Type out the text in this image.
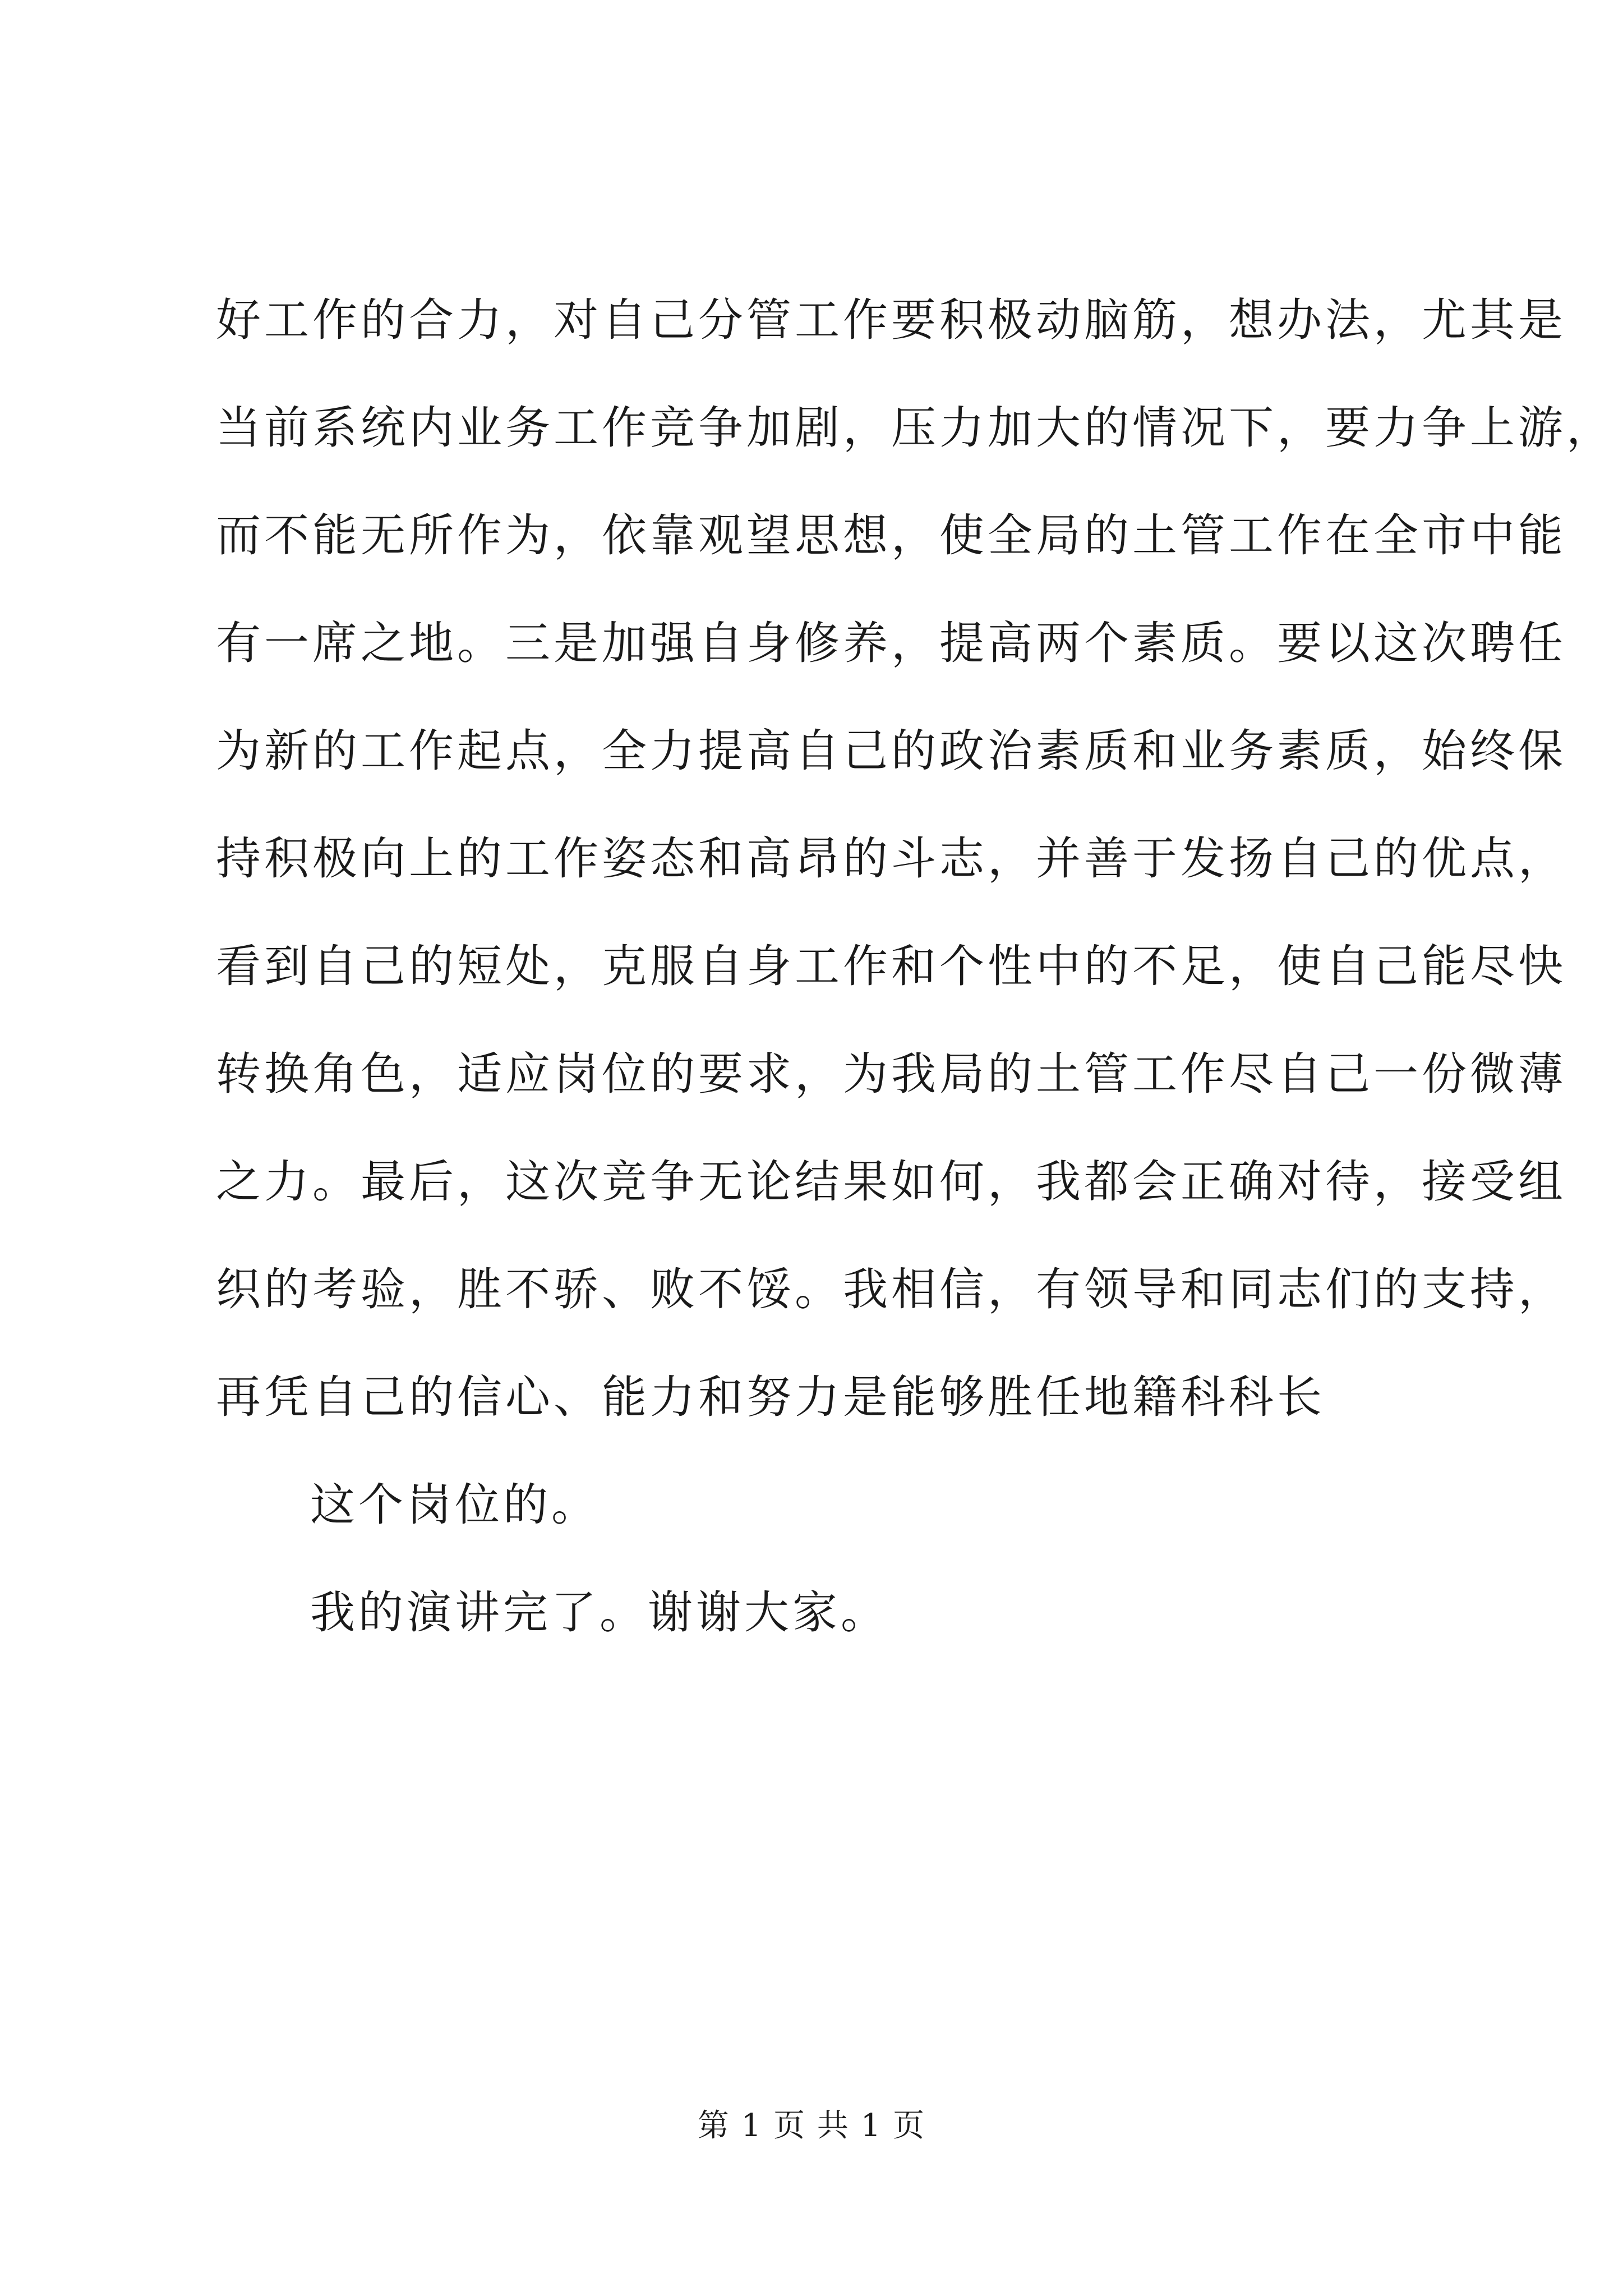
好工作的合力，对自己分管工作要积极动脑筋，想办法，尤其是
当前系统内业务工作竞争加剧，压力加大的情况下，要力争上游，
而不能无所作为，依靠观望思想，使全局的土管工作在全市中能
有一席之地。三是加强自身修养，提高两个素质。要以这次聘任
为新的工作起点，全力提高自己的政治素质和业务素质，始终保
持积极向上的工作姿态和高昂的斗志，并善于发扬自己的优点，
看到自己的短处，克服自身工作和个性中的不足，使自己能尽快
转换角色，适应岗位的要求，为我局的土管工作尽自己一份微薄
之力。最后，这次竞争无论结果如何，我都会正确对待，接受组
织的考验，胜不骄、败不馁。我相信，有领导和同志们的支持，
再凭自己的信心、能力和努力是能够胜任地籍科科长
这个岗位的。
我的演讲完了。谢谢大家。
第 1 页 共 1 页
